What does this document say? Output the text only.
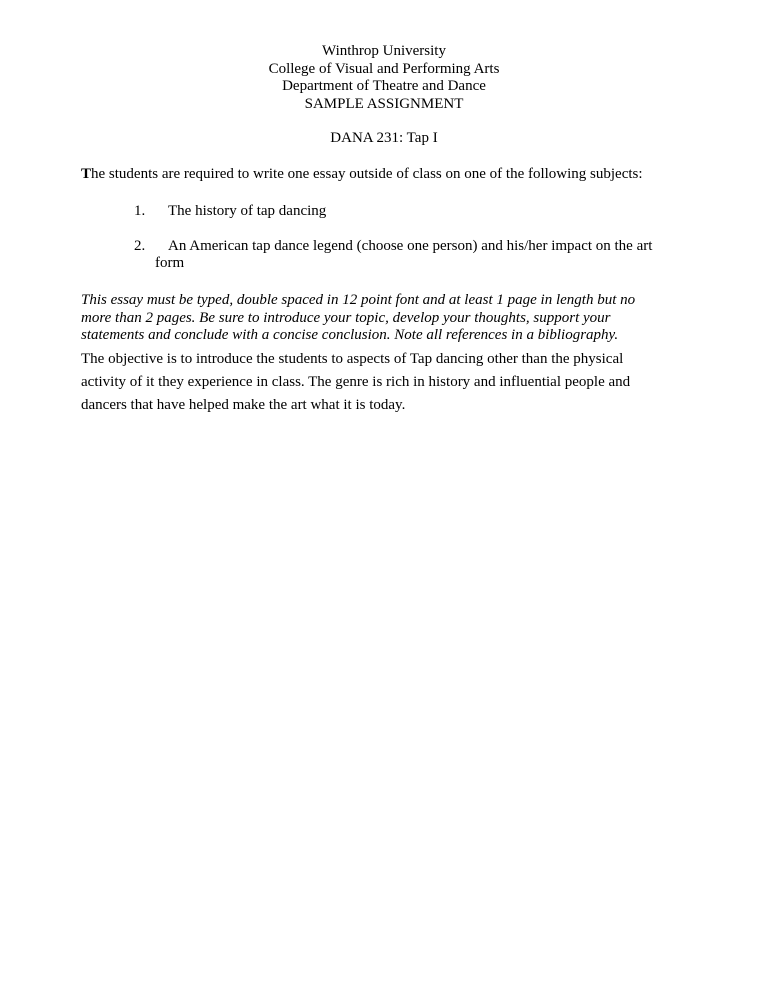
Winthrop University
College of Visual and Performing Arts
Department of Theatre and Dance
SAMPLE ASSIGNMENT
DANA 231: Tap I
The students are required to write one essay outside of class on one of the following subjects:
1. The history of tap dancing
2. An American tap dance legend (choose one person) and his/her impact on the art
form
This essay must be typed, double spaced in 12 point font and at least 1 page in length but no
more than 2 pages. Be sure to introduce your topic, develop your thoughts, support your
statements and conclude with a concise conclusion. Note all references in a bibliography.
The objective is to introduce the students to aspects of Tap dancing other than the physical
activity of it they experience in class. The genre is rich in history and influential people and
dancers that have helped make the art what it is today.
